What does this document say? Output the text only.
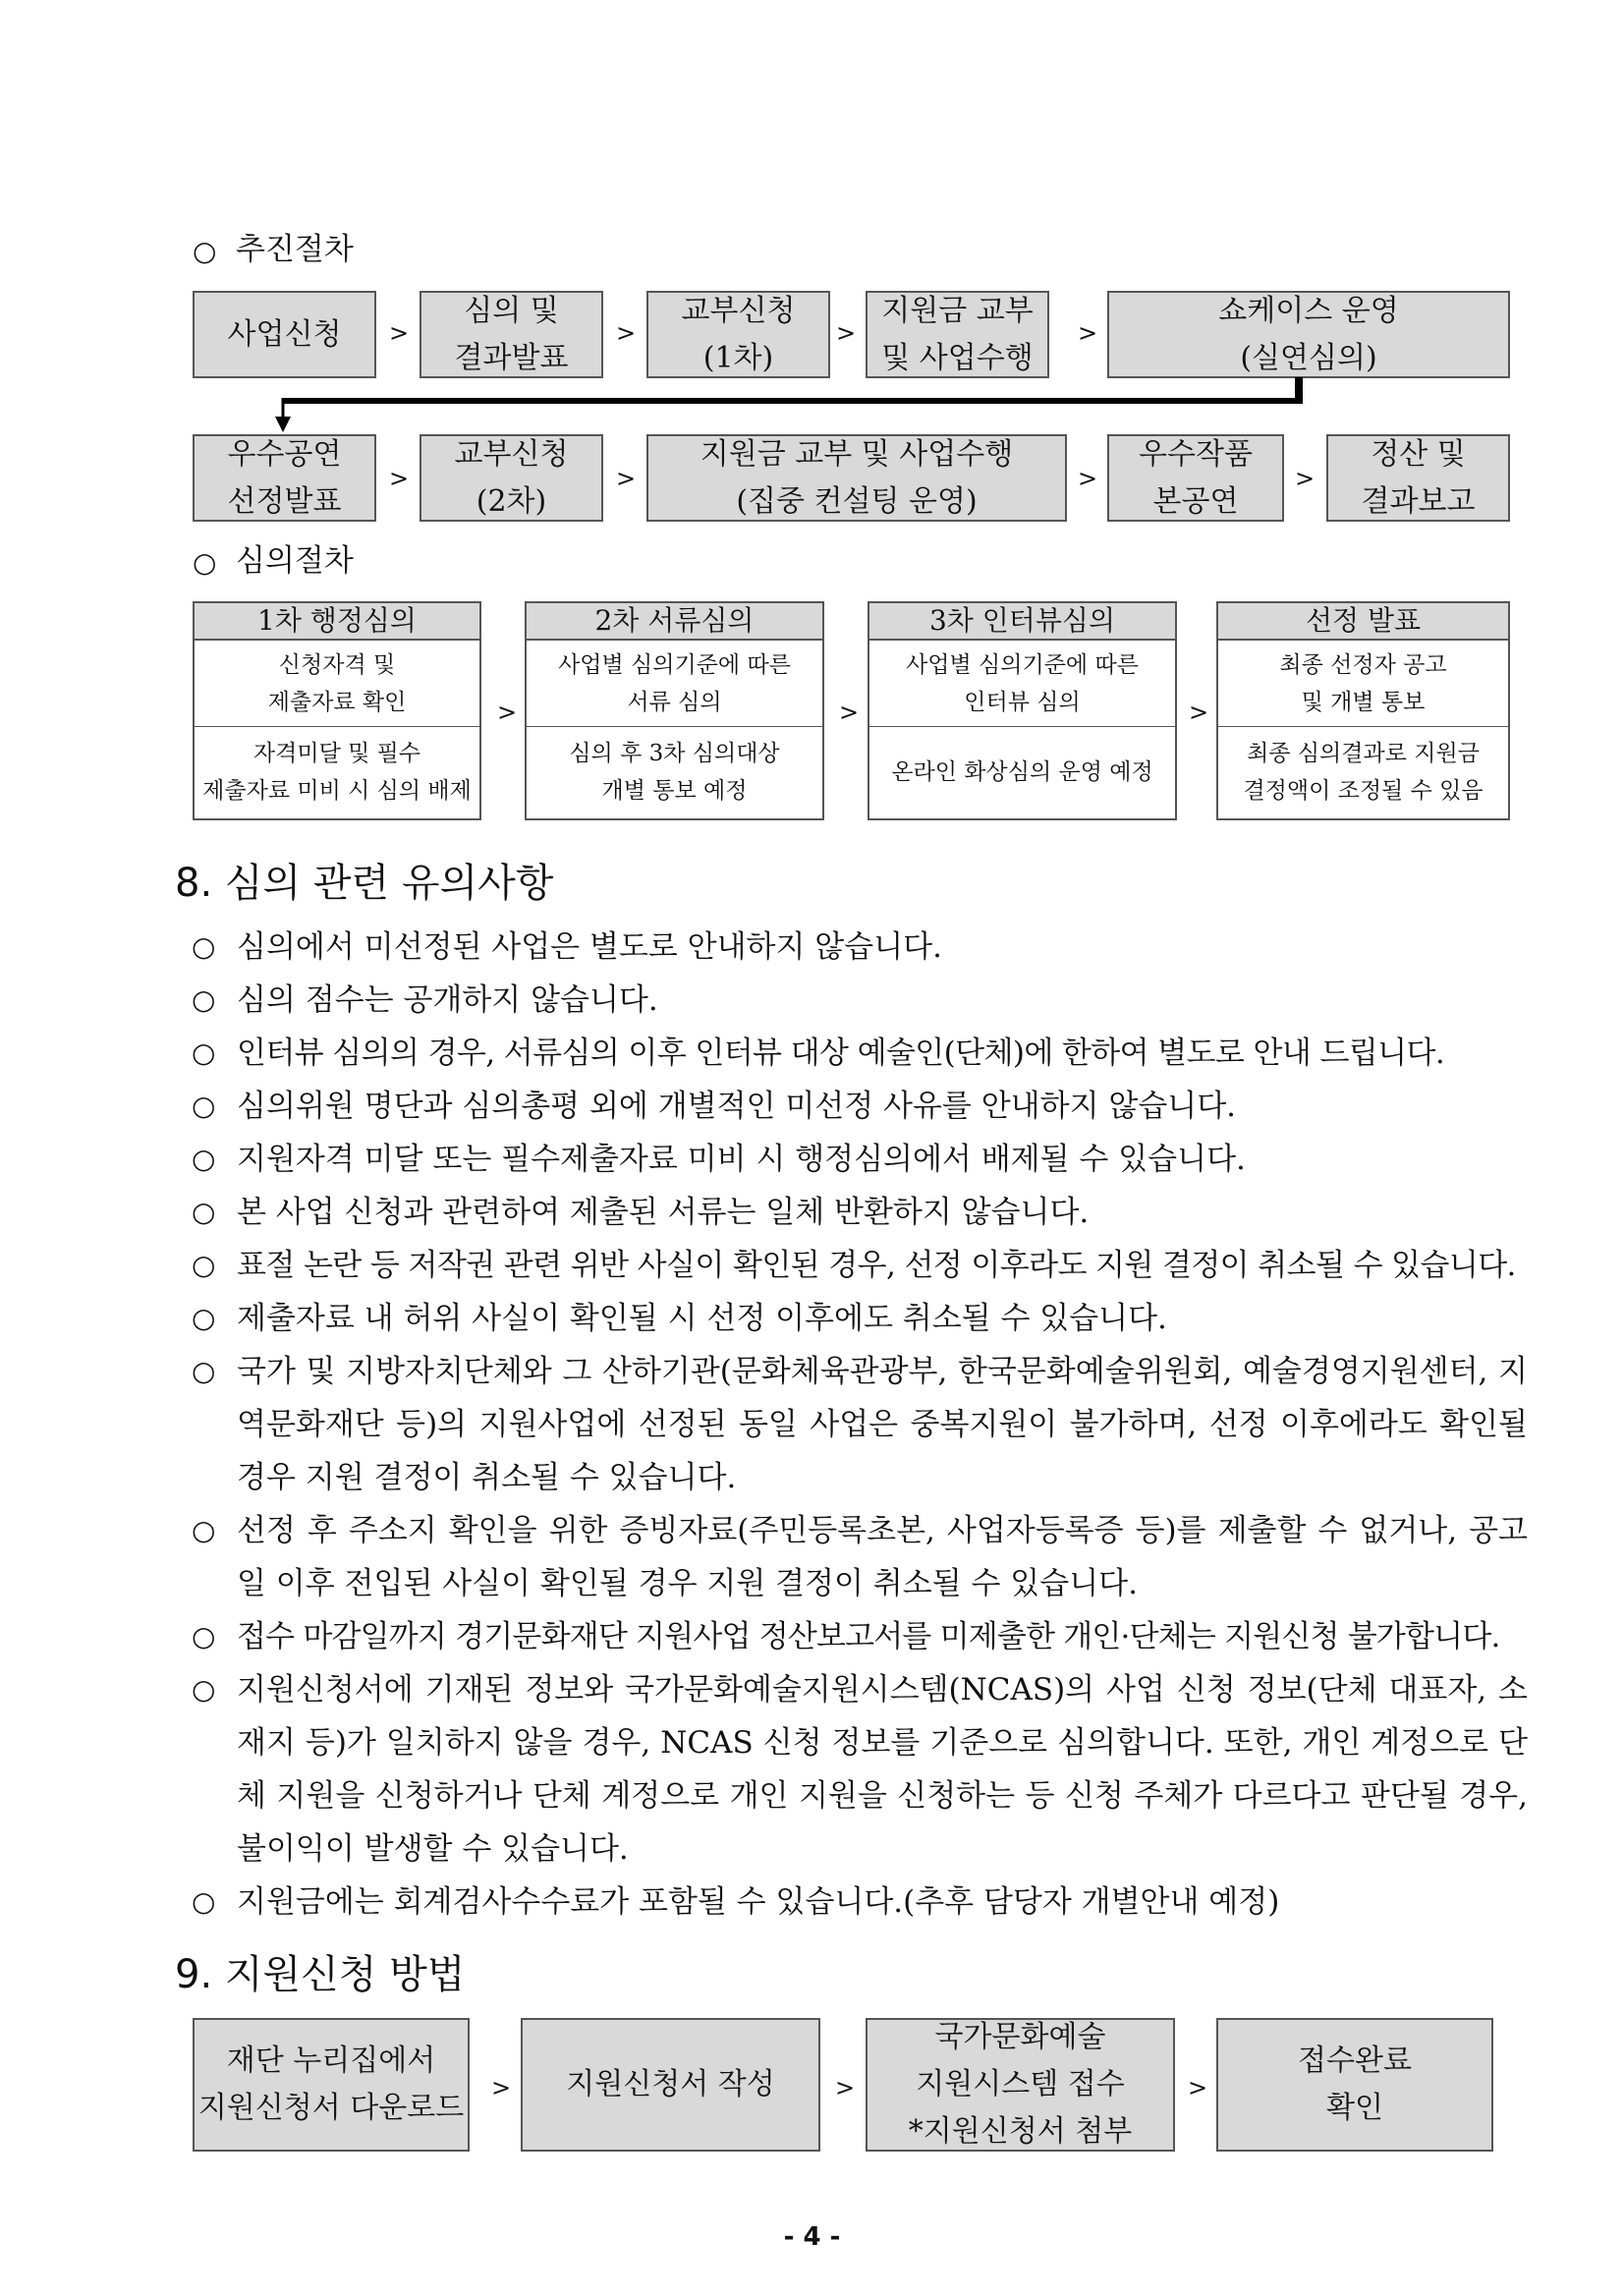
○ 추진절차
사업신청 >
심의 및
결과발표
>
교부신청
(1차)
>
지원금 교부
및 사업수행
>
쇼케이스 운영
(실연심의)
우수공연
선정발표
>
교부신청
(2차)
>
지원금 교부 및 사업수행
(집중 컨설팅 운영)
>
우수작품
본공연
>
정산 및
결과보고
○ 심의절차
1차 행정심의
신청자격 및
제출자료 확인
자격미달 및 필수
제출자료 미비 시 심의 배제
>
2차 서류심의
사업별 심의기준에 따른
서류 심의
심의 후 3차 심의대상
개별 통보 예정
>
3차 인터뷰심의
사업별 심의기준에 따른
인터뷰 심의
온라인 화상심의 운영 예정
>
선정 발표
최종 선정자 공고
및 개별 통보
최종 심의결과로 지원금
결정액이 조정될 수 있음
8. 심의 관련 유의사항
○ 심의에서 미선정된 사업은 별도로 안내하지 않습니다.
○ 심의 점수는 공개하지 않습니다.
○ 인터뷰 심의의 경우, 서류심의 이후 인터뷰 대상 예술인(단체)에 한하여 별도로 안내 드립니다.
○ 심의위원 명단과 심의총평 외에 개별적인 미선정 사유를 안내하지 않습니다.
○ 지원자격 미달 또는 필수제출자료 미비 시 행정심의에서 배제될 수 있습니다.
○ 본 사업 신청과 관련하여 제출된 서류는 일체 반환하지 않습니다.
○ 표절 논란 등 저작권 관련 위반 사실이 확인된 경우, 선정 이후라도 지원 결정이 취소될 수 있습니다.
○ 제출자료 내 허위 사실이 확인될 시 선정 이후에도 취소될 수 있습니다.
○ 국가 및 지방자치단체와 그 산하기관(문화체육관광부, 한국문화예술위원회, 예술경영지원센터, 지역문화재단 등)의 지원사업에 선정된 동일 사업은 중복지원이 불가하며, 선정 이후에라도 확인될 경우 지원 결정이 취소될 수 있습니다.
○ 선정 후 주소지 확인을 위한 증빙자료(주민등록초본, 사업자등록증 등)를 제출할 수 없거나, 공고일 이후 전입된 사실이 확인될 경우 지원 결정이 취소될 수 있습니다.
○ 접수 마감일까지 경기문화재단 지원사업 정산보고서를 미제출한 개인·단체는 지원신청 불가합니다.
○ 지원신청서에 기재된 정보와 국가문화예술지원시스템(NCAS)의 사업 신청 정보(단체 대표자, 소재지 등)가 일치하지 않을 경우, NCAS 신청 정보를 기준으로 심의합니다. 또한, 개인 계정으로 단체 지원을 신청하거나 단체 계정으로 개인 지원을 신청하는 등 신청 주체가 다르다고 판단될 경우, 불이익이 발생할 수 있습니다.
○ 지원금에는 회계검사수수료가 포함될 수 있습니다.(추후 담당자 개별안내 예정)
9. 지원신청 방법
재단 누리집에서
지원신청서 다운로드
> 지원신청서 작성	>
국가문화예술
지원시스템 접수
*지원신청서 첨부
>
접수완료
확인
- 4 -
